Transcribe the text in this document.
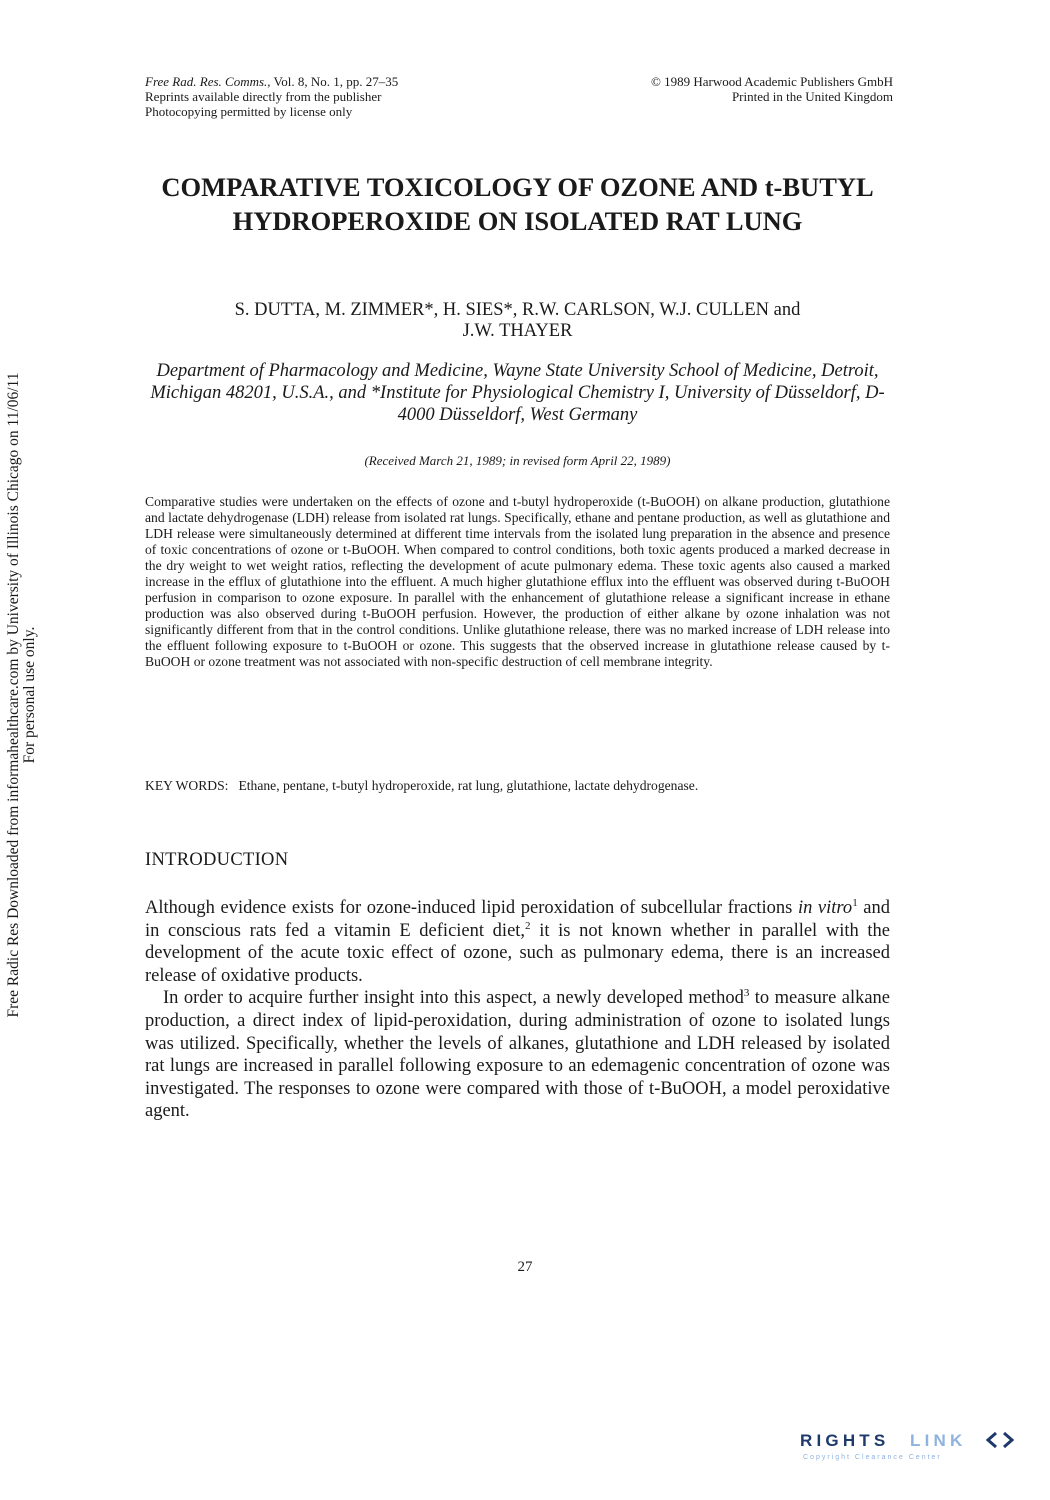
Free Rad. Res. Comms., Vol. 8, No. 1, pp. 27–35
Reprints available directly from the publisher
Photocopying permitted by license only
© 1989 Harwood Academic Publishers GmbH
Printed in the United Kingdom
Free Radic Res Downloaded from informahealthcare.com by University of Illinois Chicago on 11/06/11
For personal use only.
COMPARATIVE TOXICOLOGY OF OZONE AND t-BUTYL HYDROPEROXIDE ON ISOLATED RAT LUNG
S. DUTTA, M. ZIMMER*, H. SIES*, R.W. CARLSON, W.J. CULLEN and
J.W. THAYER
Department of Pharmacology and Medicine, Wayne State University School of Medicine, Detroit, Michigan 48201, U.S.A., and *Institute for Physiological Chemistry I, University of Düsseldorf, D-4000 Düsseldorf, West Germany
(Received March 21, 1989; in revised form April 22, 1989)
Comparative studies were undertaken on the effects of ozone and t-butyl hydroperoxide (t-BuOOH) on alkane production, glutathione and lactate dehydrogenase (LDH) release from isolated rat lungs. Specifically, ethane and pentane production, as well as glutathione and LDH release were simultaneously determined at different time intervals from the isolated lung preparation in the absence and presence of toxic concentrations of ozone or t-BuOOH. When compared to control conditions, both toxic agents produced a marked decrease in the dry weight to wet weight ratios, reflecting the development of acute pulmonary edema. These toxic agents also caused a marked increase in the efflux of glutathione into the effluent. A much higher glutathione efflux into the effluent was observed during t-BuOOH perfusion in comparison to ozone exposure. In parallel with the enhancement of glutathione release a significant increase in ethane production was also observed during t-BuOOH perfusion. However, the production of either alkane by ozone inhalation was not significantly different from that in the control conditions. Unlike glutathione release, there was no marked increase of LDH release into the effluent following exposure to t-BuOOH or ozone. This suggests that the observed increase in glutathione release caused by t-BuOOH or ozone treatment was not associated with non-specific destruction of cell membrane integrity.
KEY WORDS: Ethane, pentane, t-butyl hydroperoxide, rat lung, glutathione, lactate dehydrogenase.
INTRODUCTION

Although evidence exists for ozone-induced lipid peroxidation of subcellular fractions in vitro$^1$ and in conscious rats fed a vitamin E deficient diet,$^2$ it is not known whether in parallel with the development of the acute toxic effect of ozone, such as pulmonary edema, there is an increased release of oxidative products.

In order to acquire further insight into this aspect, a newly developed method$^3$ to measure alkane production, a direct index of lipid-peroxidation, during administration of ozone to isolated lungs was utilized. Specifically, whether the levels of alkanes, glutathione and LDH released by isolated rat lungs are increased in parallel following exposure to an edemagenic concentration of ozone was investigated. The responses to ozone were compared with those of t-BuOOH, a model peroxidative agent.

27
RIGHTS LINK
Copyright Clearance Center
